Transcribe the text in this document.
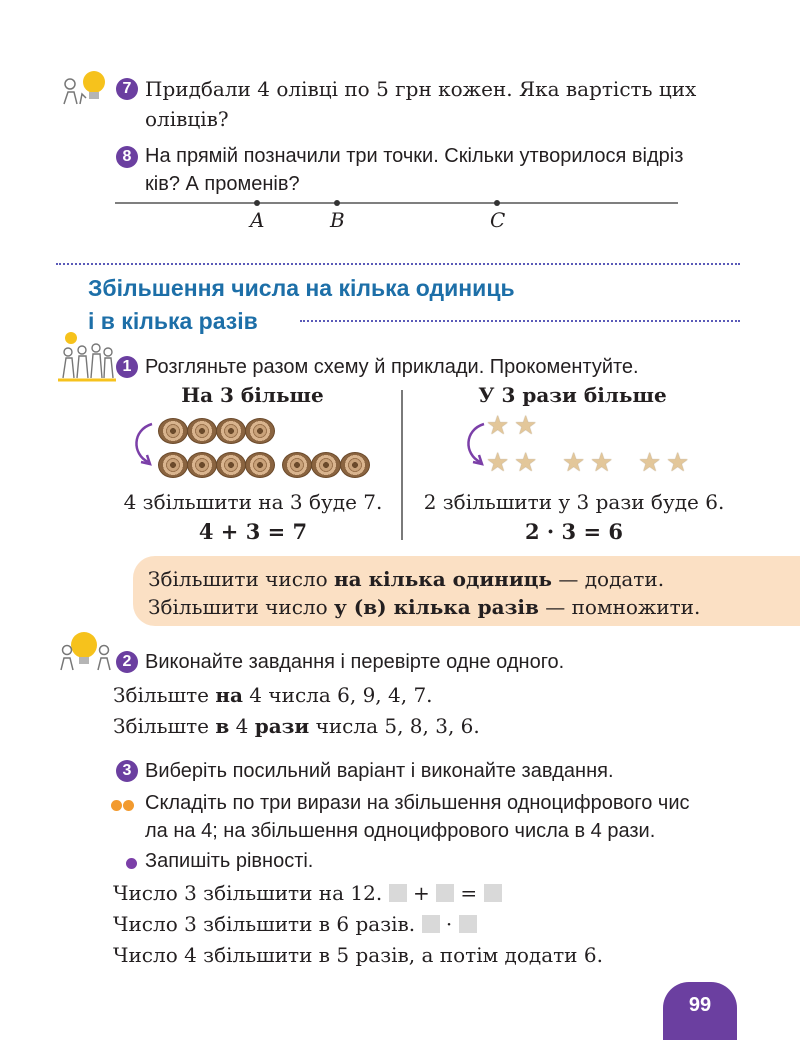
7 Придбали 4 олівці по 5 грн кожен. Яка вартість цих
олівців?
8 На прямій позначили три точки. Скільки утворилося відріз
ків? А променів?
A	B	C
Збільшення числа на кілька одиниць
і в кілька разів
1 Розгляньте разом схему й приклади. Прокоментуйте.
На 3 більше	У 3 рази більше
★ ★
★ ★ ★ ★ ★ ★
4 збільшити на 3 буде 7.
4 + 3 = 7
2 збільшити у 3 рази буде 6.
2 · 3 = 6
Збільшити число на кілька одиниць — додати.
Збільшити число у (в) кілька разів — помножити.
2 Виконайте завдання і перевірте одне одного.
Збільште на 4 числа 6, 9, 4, 7.
Збільште в 4 рази числа 5, 8, 3, 6.
3 Виберіть посильний варіант і виконайте завдання.
Складіть по три вирази на збільшення одноцифрового чис
ла на 4; на збільшення одноцифрового числа в 4 рази.
Запишіть рівності.
Число 3 збільшити на 12. + =
Число 3 збільшити в 6 разів. ·
Число 4 збільшити в 5 разів, а потім додати 6.
99
